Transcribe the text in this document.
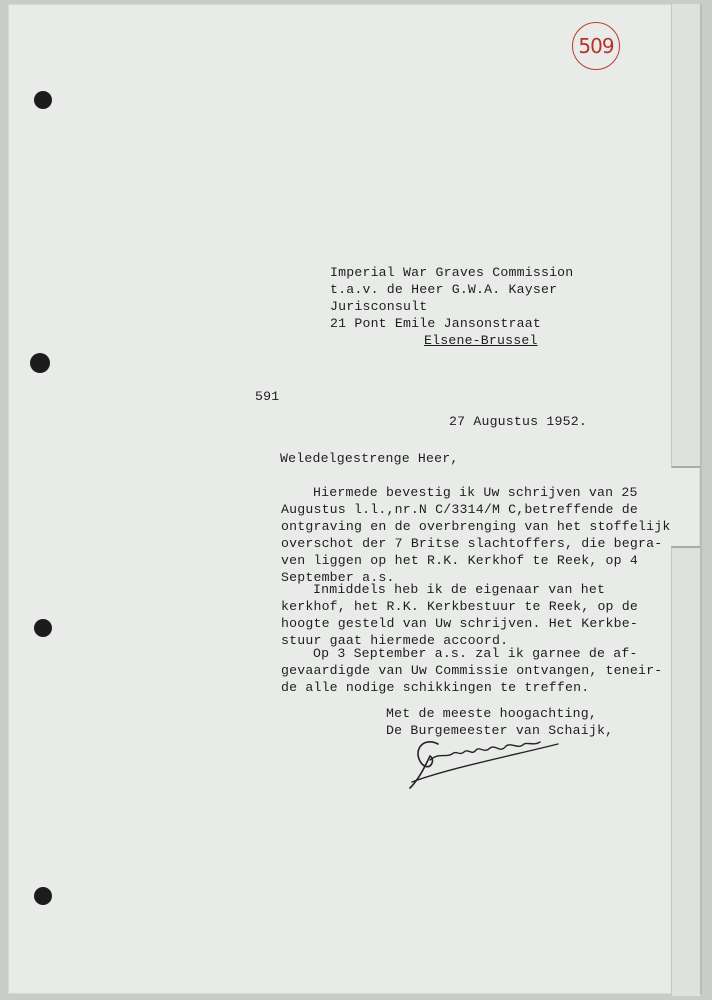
509
Imperial War Graves Commission
t.a.v. de Heer G.W.A. Kayser
Jurisconsult
21 Pont Emile Jansonstraat
Elsene-Brussel
591
27 Augustus 1952.
Weledelgestrenge Heer,
Hiermede bevestig ik Uw schrijven van 25
Augustus l.l.,nr.N C/3314/M C,betreffende de
ontgraving en de overbrenging van het stoffelijk
overschot der 7 Britse slachtoffers, die begra-
ven liggen op het R.K. Kerkhof te Reek, op 4
September a.s.
Inmiddels heb ik de eigenaar van het
kerkhof, het R.K. Kerkbestuur te Reek, op de
hoogte gesteld van Uw schrijven. Het Kerkbe-
stuur gaat hiermede accoord.
Op 3 September a.s. zal ik garnee de af-
gevaardigde van Uw Commissie ontvangen, teneir-
de alle nodige schikkingen te treffen.
Met de meeste hoogachting,
De Burgemeester van Schaijk,
